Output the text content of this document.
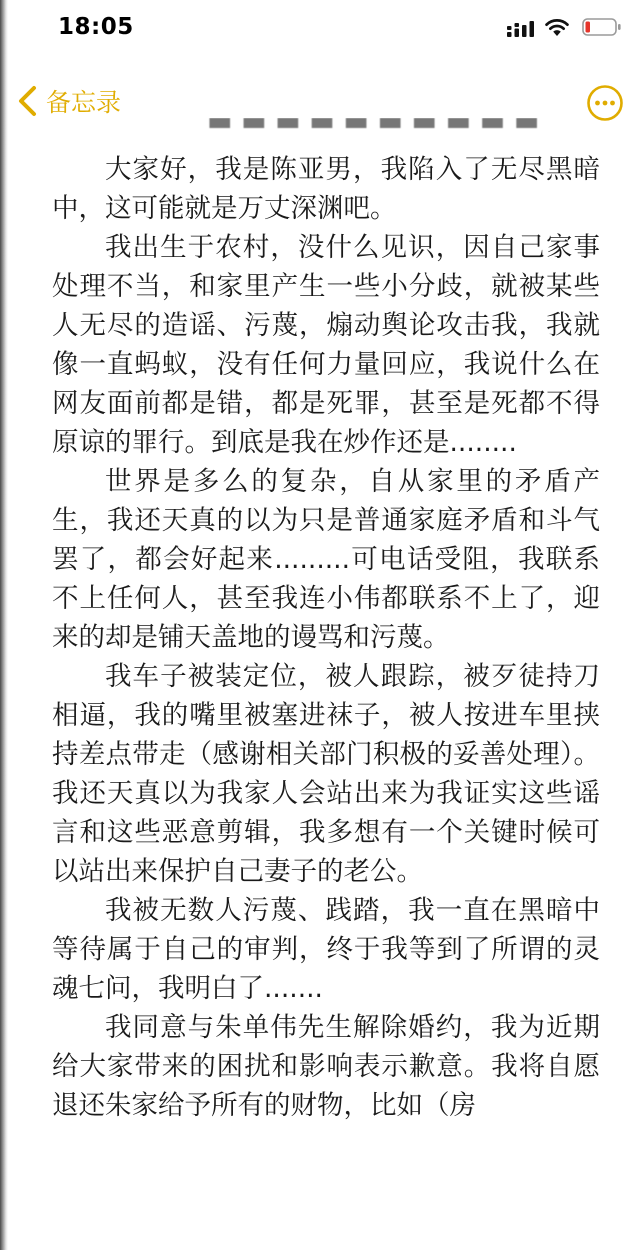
18:05
备忘录
▬ ▬ ▬ ▬ ▬ ▬ ▬ ▬ ▬ ▬

大家好，我是陈亚男，我陷入了无尽黑暗中，这可能就是万丈深渊吧。

我出生于农村，没什么见识，因自己家事处理不当，和家里产生一些小分歧，就被某些人无尽的造谣、污蔑，煽动舆论攻击我，我就像一直蚂蚁，没有任何力量回应，我说什么在网友面前都是错，都是死罪，甚至是死都不得原谅的罪行。到底是我在炒作还是........

世界是多么的复杂，自从家里的矛盾产生，我还天真的以为只是普通家庭矛盾和斗气罢了，都会好起来.........可电话受阻，我联系不上任何人，甚至我连小伟都联系不上了，迎来的却是铺天盖地的谩骂和污蔑。

我车子被装定位，被人跟踪，被歹徒持刀相逼，我的嘴里被塞进袜子，被人按进车里挟持差点带走（感谢相关部门积极的妥善处理）。我还天真以为我家人会站出来为我证实这些谣言和这些恶意剪辑，我多想有一个关键时候可以站出来保护自己妻子的老公。

我被无数人污蔑、践踏，我一直在黑暗中等待属于自己的审判，终于我等到了所谓的灵魂七问，我明白了.......

我同意与朱单伟先生解除婚约，我为近期给大家带来的困扰和影响表示歉意。我将自愿退还朱家给予所有的财物，比如（房
